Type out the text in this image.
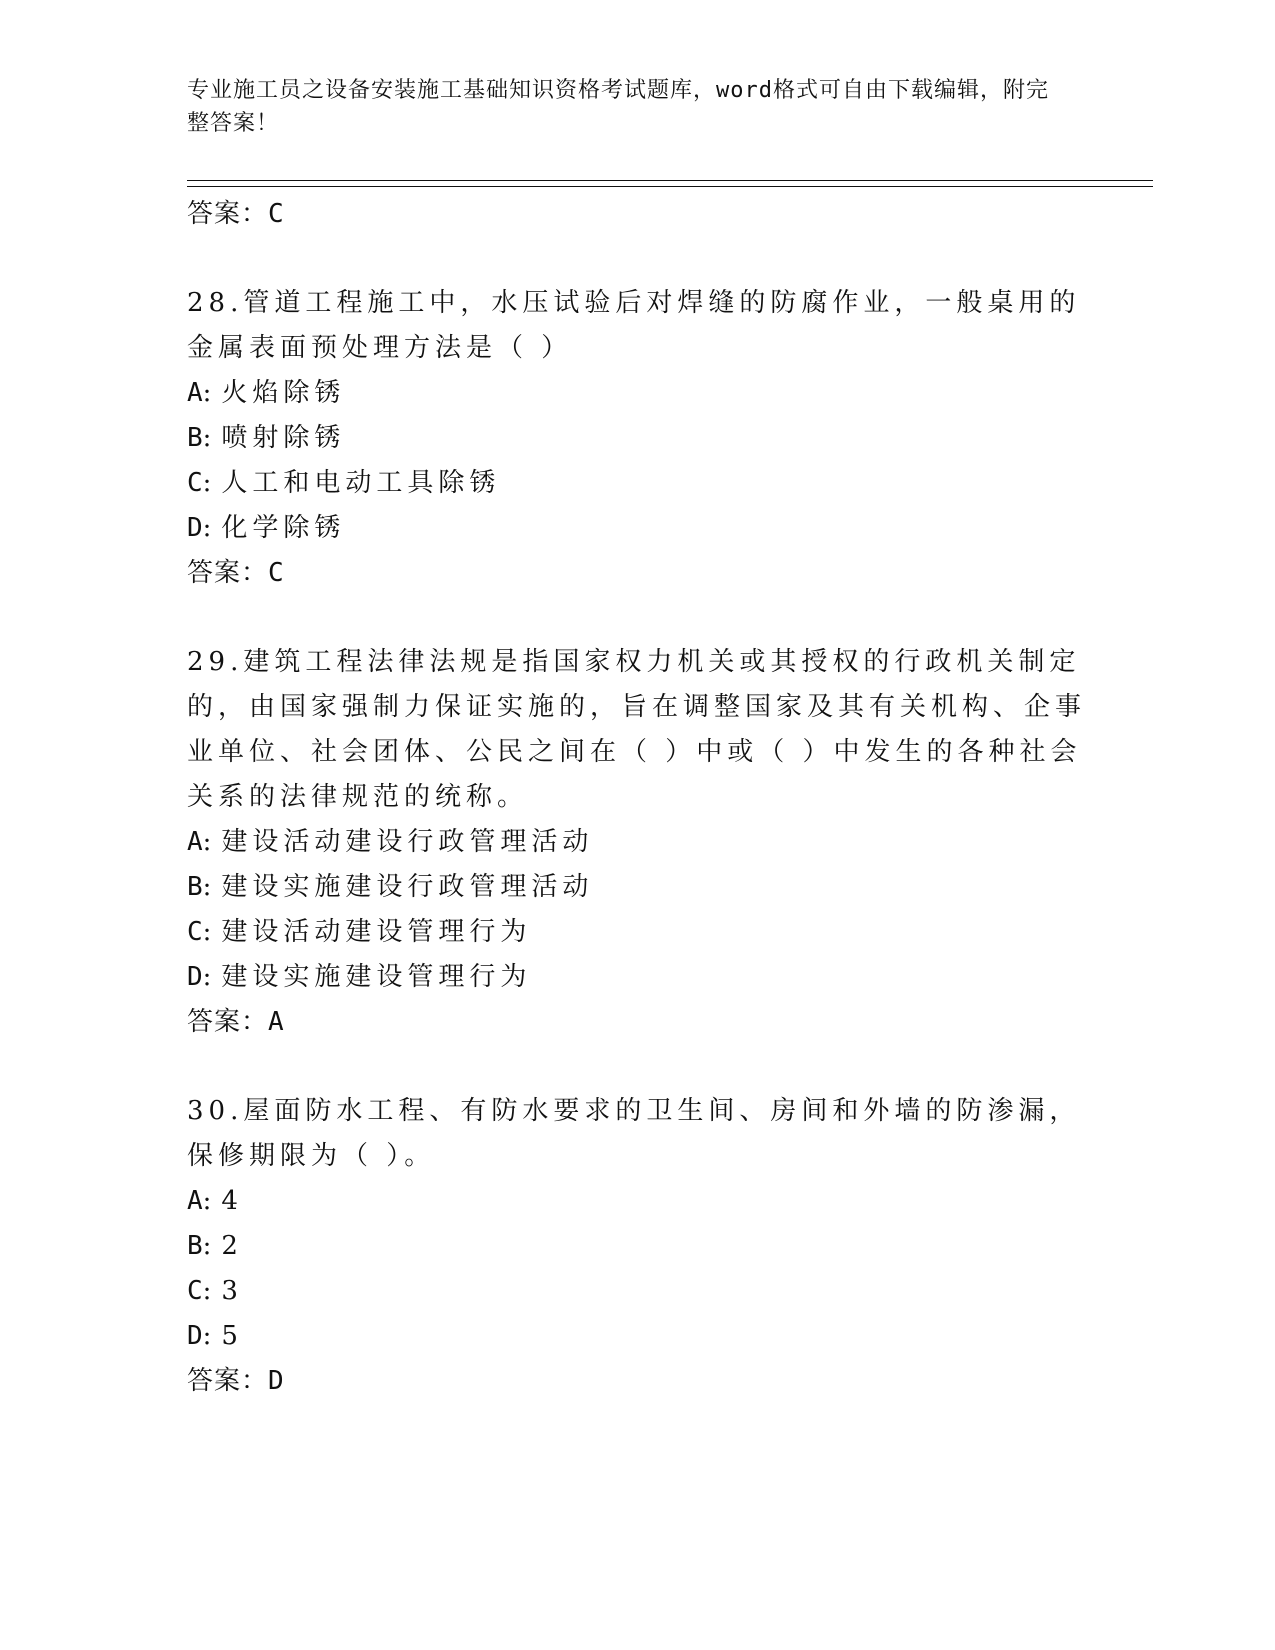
专业施工员之设备安装施工基础知识资格考试题库，word格式可自由下载编辑，附完整答案！
答案：C
28.管道工程施工中，水压试验后对焊缝的防腐作业，一般桌用的金属表面预处理方法是（ ）
A: 火焰除锈
B: 喷射除锈
C: 人工和电动工具除锈
D: 化学除锈
答案：C
29.建筑工程法律法规是指国家权力机关或其授权的行政机关制定的，由国家强制力保证实施的，旨在调整国家及其有关机构、企事业单位、社会团体、公民之间在（ ）中或（ ）中发生的各种社会关系的法律规范的统称。
A: 建设活动建设行政管理活动
B: 建设实施建设行政管理活动
C: 建设活动建设管理行为
D: 建设实施建设管理行为
答案：A
30.屋面防水工程、有防水要求的卫生间、房间和外墙的防渗漏，保修期限为（ ）。
A: 4
B: 2
C: 3
D: 5
答案：D
